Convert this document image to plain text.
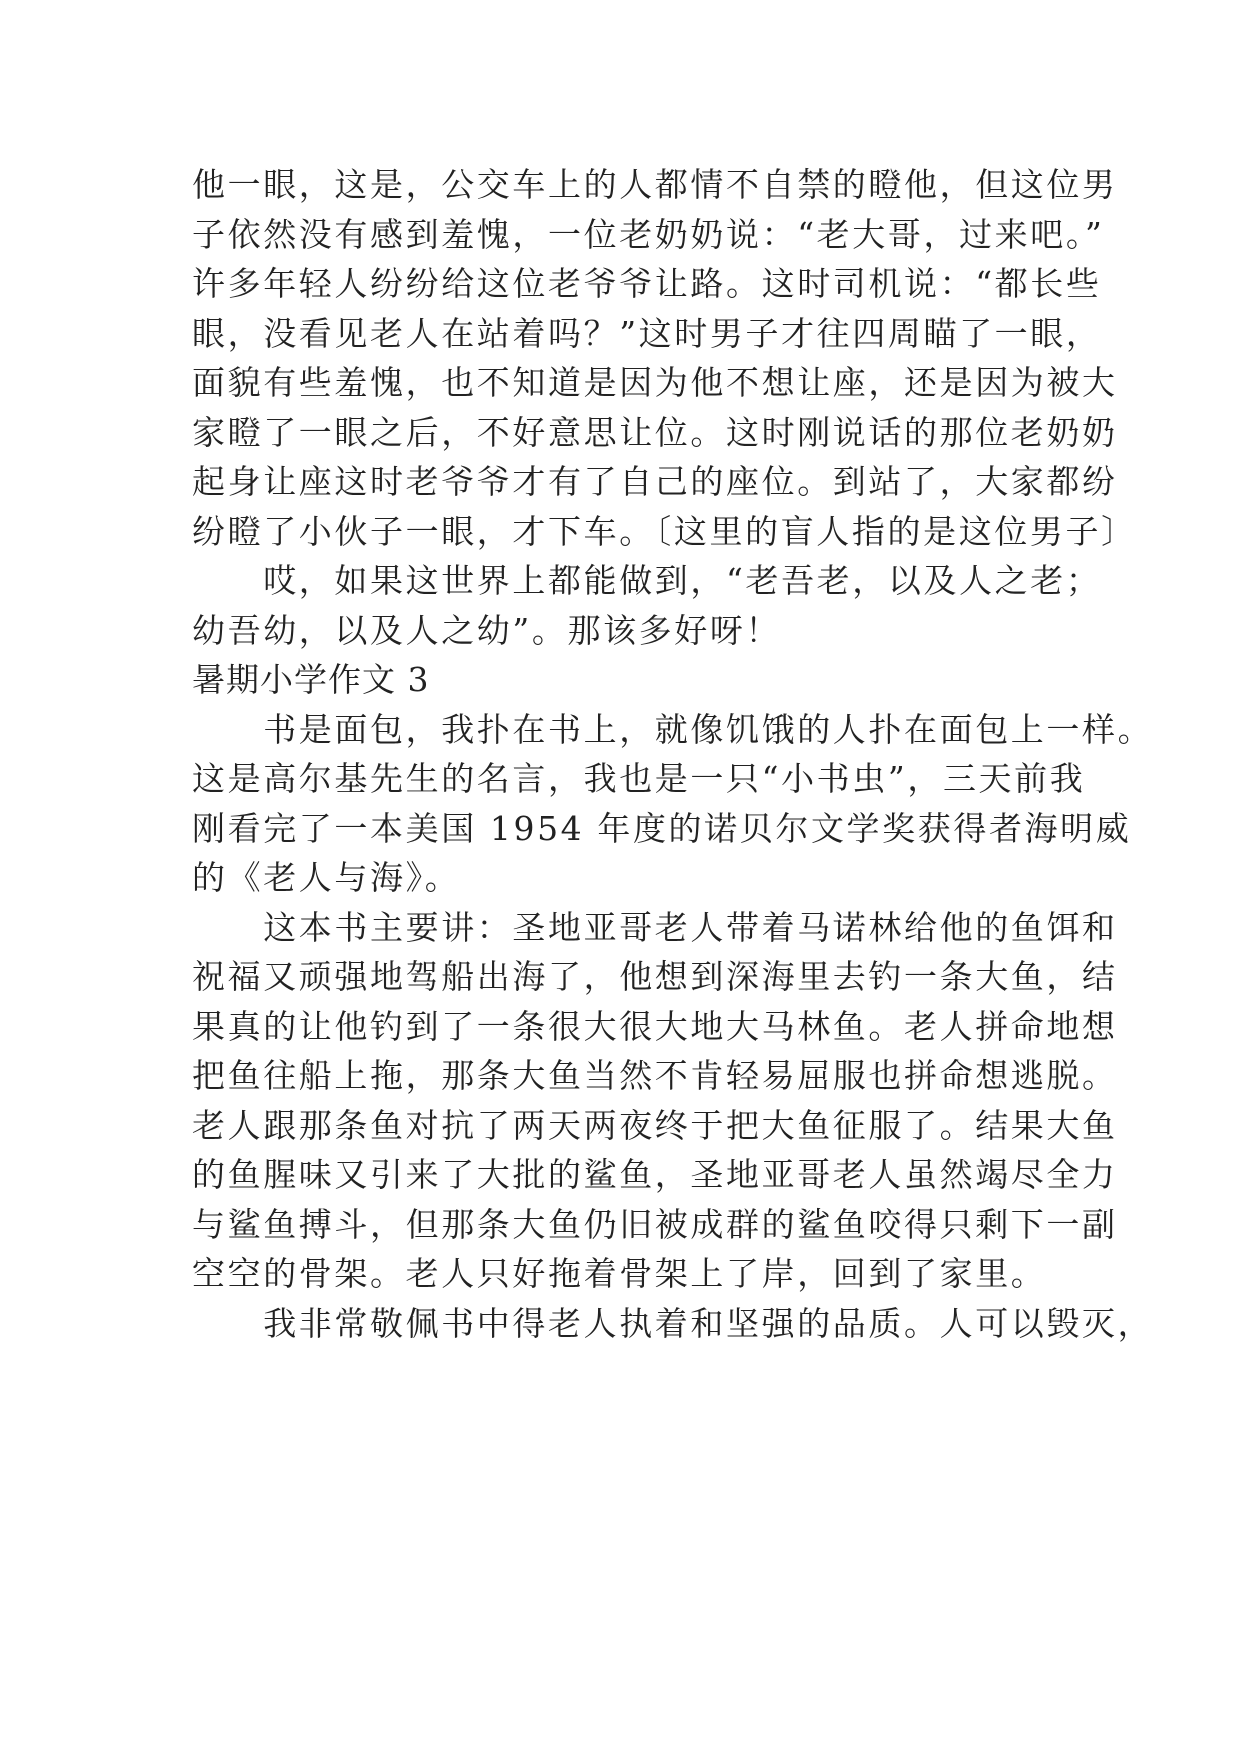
他一眼，这是，公交车上的人都情不自禁的瞪他，但这位男
子依然没有感到羞愧，一位老奶奶说：“老大哥，过来吧。”
许多年轻人纷纷给这位老爷爷让路。这时司机说：“都长些
眼，没看见老人在站着吗？”这时男子才往四周瞄了一眼，
面貌有些羞愧，也不知道是因为他不想让座，还是因为被大
家瞪了一眼之后，不好意思让位。这时刚说话的那位老奶奶
起身让座这时老爷爷才有了自己的座位。到站了，大家都纷
纷瞪了小伙子一眼，才下车。〔这里的盲人指的是这位男子〕
　　哎，如果这世界上都能做到，“老吾老，以及人之老；
幼吾幼，以及人之幼”。那该多好呀！
暑期小学作文 3
　　书是面包，我扑在书上，就像饥饿的人扑在面包上一样。
这是高尔基先生的名言，我也是一只“小书虫”，三天前我
刚看完了一本美国 1954 年度的诺贝尔文学奖获得者海明威
的《老人与海》。
　　这本书主要讲：圣地亚哥老人带着马诺林给他的鱼饵和
祝福又顽强地驾船出海了，他想到深海里去钓一条大鱼，结
果真的让他钓到了一条很大很大地大马林鱼。老人拼命地想
把鱼往船上拖，那条大鱼当然不肯轻易屈服也拼命想逃脱。
老人跟那条鱼对抗了两天两夜终于把大鱼征服了。结果大鱼
的鱼腥味又引来了大批的鲨鱼，圣地亚哥老人虽然竭尽全力
与鲨鱼搏斗，但那条大鱼仍旧被成群的鲨鱼咬得只剩下一副
空空的骨架。老人只好拖着骨架上了岸，回到了家里。
　　我非常敬佩书中得老人执着和坚强的品质。人可以毁灭，
